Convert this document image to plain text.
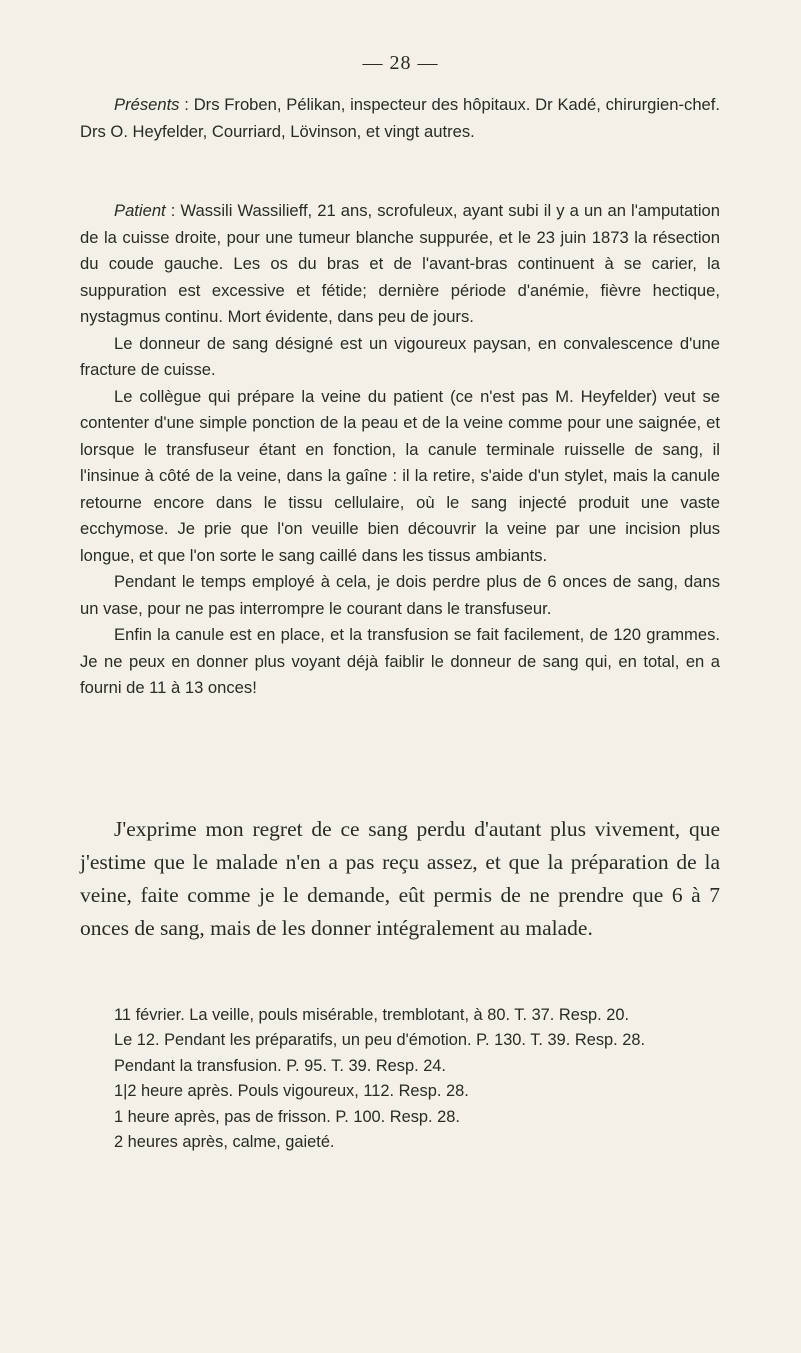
— 28 —

Présents : Drs Froben, Pélikan, inspecteur des hôpitaux. Dr Kadé, chirurgien-chef. Drs O. Heyfelder, Courriard, Lövinson, et vingt autres.

Patient : Wassili Wassilieff, 21 ans, scrofuleux, ayant subi il y a un an l'amputation de la cuisse droite, pour une tumeur blanche suppurée, et le 23 juin 1873 la résection du coude gauche. Les os du bras et de l'avant-bras continuent à se carier, la suppuration est excessive et fétide; dernière période d'anémie, fièvre hectique, nystagmus continu. Mort évidente, dans peu de jours.

Le donneur de sang désigné est un vigoureux paysan, en convalescence d'une fracture de cuisse.

Le collègue qui prépare la veine du patient (ce n'est pas M. Heyfelder) veut se contenter d'une simple ponction de la peau et de la veine comme pour une saignée, et lorsque le transfuseur étant en fonction, la canule terminale ruisselle de sang, il l'insinue à côté de la veine, dans la gaîne : il la retire, s'aide d'un stylet, mais la canule retourne encore dans le tissu cellulaire, où le sang injecté produit une vaste ecchymose. Je prie que l'on veuille bien découvrir la veine par une incision plus longue, et que l'on sorte le sang caillé dans les tissus ambiants.

Pendant le temps employé à cela, je dois perdre plus de 6 onces de sang, dans un vase, pour ne pas interrompre le courant dans le transfuseur.

Enfin la canule est en place, et la transfusion se fait facilement, de 120 grammes. Je ne peux en donner plus voyant déjà faiblir le donneur de sang qui, en total, en a fourni de 11 à 13 onces!

J'exprime mon regret de ce sang perdu d'autant plus vivement, que j'estime que le malade n'en a pas reçu assez, et que la préparation de la veine, faite comme je le demande, eût permis de ne prendre que 6 à 7 onces de sang, mais de les donner intégralement au malade.

11 février. La veille, pouls misérable, tremblotant, à 80. T. 37. Resp. 20.

Le 12. Pendant les préparatifs, un peu d'émotion. P. 130. T. 39. Resp. 28.

Pendant la transfusion. P. 95. T. 39. Resp. 24.

1|2 heure après. Pouls vigoureux, 112. Resp. 28.

1 heure après, pas de frisson. P. 100. Resp. 28.

2 heures après, calme, gaieté.
